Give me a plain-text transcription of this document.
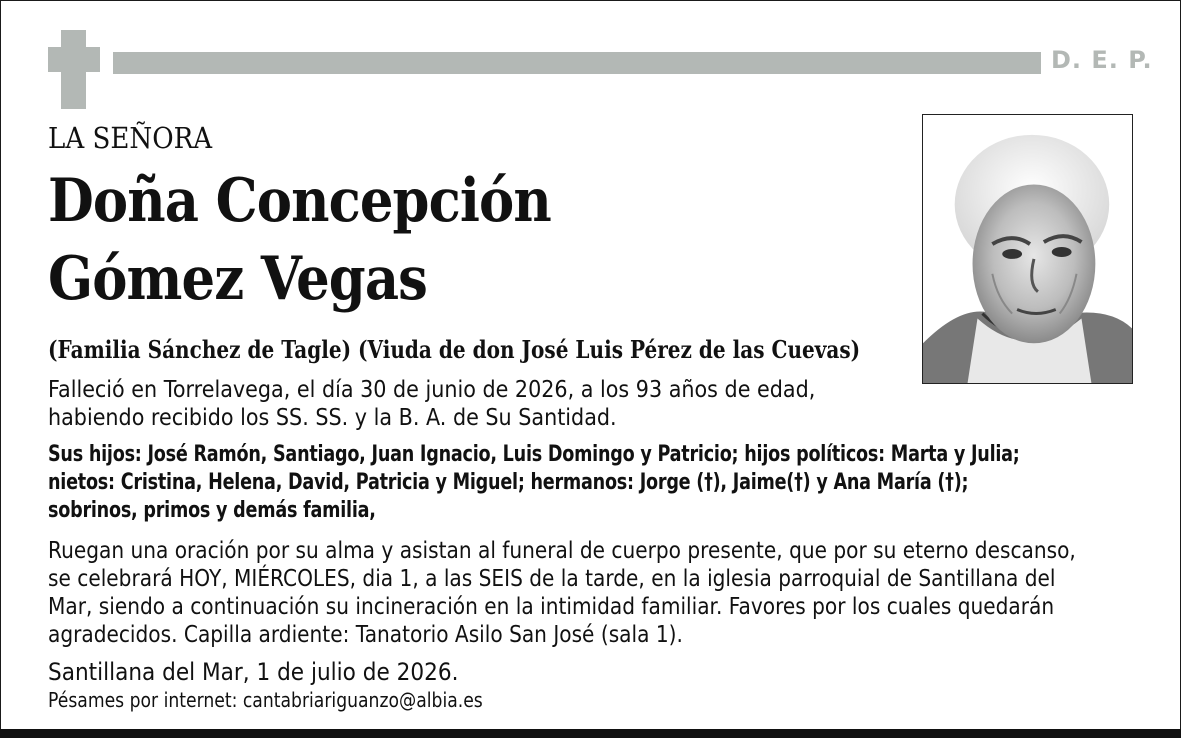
D. E. P.
LA SEÑORA
Doña Concepción
Gómez Vegas
(Familia Sánchez de Tagle) (Viuda de don José Luis Pérez de las Cuevas)
Falleció en Torrelavega, el día 30 de junio de 2026, a los 93 años de edad,
habiendo recibido los SS. SS. y la B. A. de Su Santidad.
Sus hijos: José Ramón, Santiago, Juan Ignacio, Luis Domingo y Patricio; hijos políticos: Marta y Julia;
nietos: Cristina, Helena, David, Patricia y Miguel; hermanos: Jorge (†), Jaime(†) y Ana María (†);
sobrinos, primos y demás familia,
Ruegan una oración por su alma y asistan al funeral de cuerpo presente, que por su eterno descanso,
se celebrará HOY, MIÉRCOLES, dia 1, a las SEIS de la tarde, en la iglesia parroquial de Santillana del
Mar, siendo a continuación su incineración en la intimidad familiar. Favores por los cuales quedarán
agradecidos. Capilla ardiente: Tanatorio Asilo San José (sala 1).
Santillana del Mar, 1 de julio de 2026.
Pésames por internet: cantabriariguanzo@albia.es
